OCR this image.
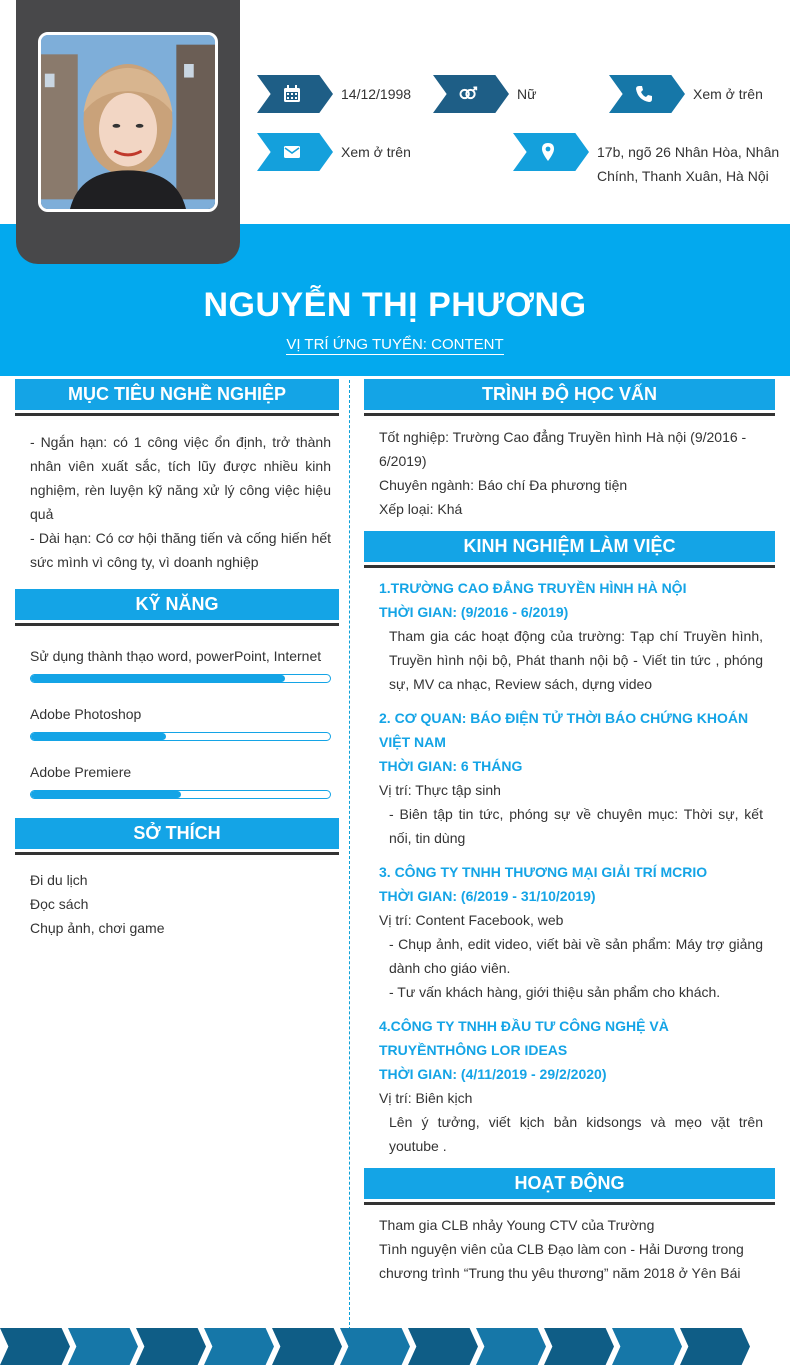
14/12/1998	Nữ	Xem ở trên
Xem ở trên	17b, ngõ 26 Nhân Hòa, Nhân Chính, Thanh Xuân, Hà Nội
NGUYỄN THỊ PHƯƠNG
VỊ TRÍ ỨNG TUYỂN: CONTENT
MỤC TIÊU NGHỀ NGHIỆP

- Ngắn hạn: có 1 công việc ổn định, trở thành nhân viên xuất sắc, tích lũy được nhiều kinh nghiệm, rèn luyện kỹ năng xử lý công việc hiệu quả

- Dài hạn: Có cơ hội thăng tiến và cống hiến hết sức mình vì công ty, vì doanh nghiệp

KỸ NĂNG
Sử dụng thành thạo word, powerPoint, Internet
Adobe Photoshop
Adobe Premiere
SỞ THÍCH

Đi du lịch

Đọc sách

Chụp ảnh, chơi game

TRÌNH ĐỘ HỌC VẤN

Tốt nghiệp: Trường Cao đẳng Truyền hình Hà nội (9/2016 - 6/2019)

Chuyên ngành: Báo chí Đa phương tiện

Xếp loại: Khá

KINH NGHIỆM LÀM VIỆC

1.TRƯỜNG CAO ĐẲNG TRUYỀN HÌNH HÀ NỘI

THỜI GIAN: (9/2016 - 6/2019)

Tham gia các hoạt động của trường: Tạp chí Truyền hình, Truyền hình nội bộ, Phát thanh nội bộ - Viết tin tức , phóng sự, MV ca nhạc, Review sách, dựng video

2. CƠ QUAN: BÁO ĐIỆN TỬ THỜI BÁO CHỨNG KHOÁN VIỆT NAM

THỜI GIAN: 6 THÁNG

Vị trí: Thực tập sinh

- Biên tập tin tức, phóng sự về chuyên mục: Thời sự, kết nối, tin dùng

3. CÔNG TY TNHH THƯƠNG MẠI GIẢI TRÍ MCRIO

THỜI GIAN: (6/2019 - 31/10/2019)

Vị trí: Content Facebook, web

- Chụp ảnh, edit video, viết bài về sản phẩm: Máy trợ giảng dành cho giáo viên.

- Tư vấn khách hàng, giới thiệu sản phẩm cho khách.

4.CÔNG TY TNHH ĐẦU TƯ CÔNG NGHỆ VÀ TRUYỀNTHÔNG LOR IDEAS

THỜI GIAN: (4/11/2019 - 29/2/2020)

Vị trí: Biên kịch

Lên ý tưởng, viết kịch bản kidsongs và mẹo vặt trên youtube .

HOẠT ĐỘNG

Tham gia CLB nhảy Young CTV của Trường

Tình nguyện viên của CLB Đạo làm con - Hải Dương trong chương trình “Trung thu yêu thương” năm 2018 ở Yên Bái
